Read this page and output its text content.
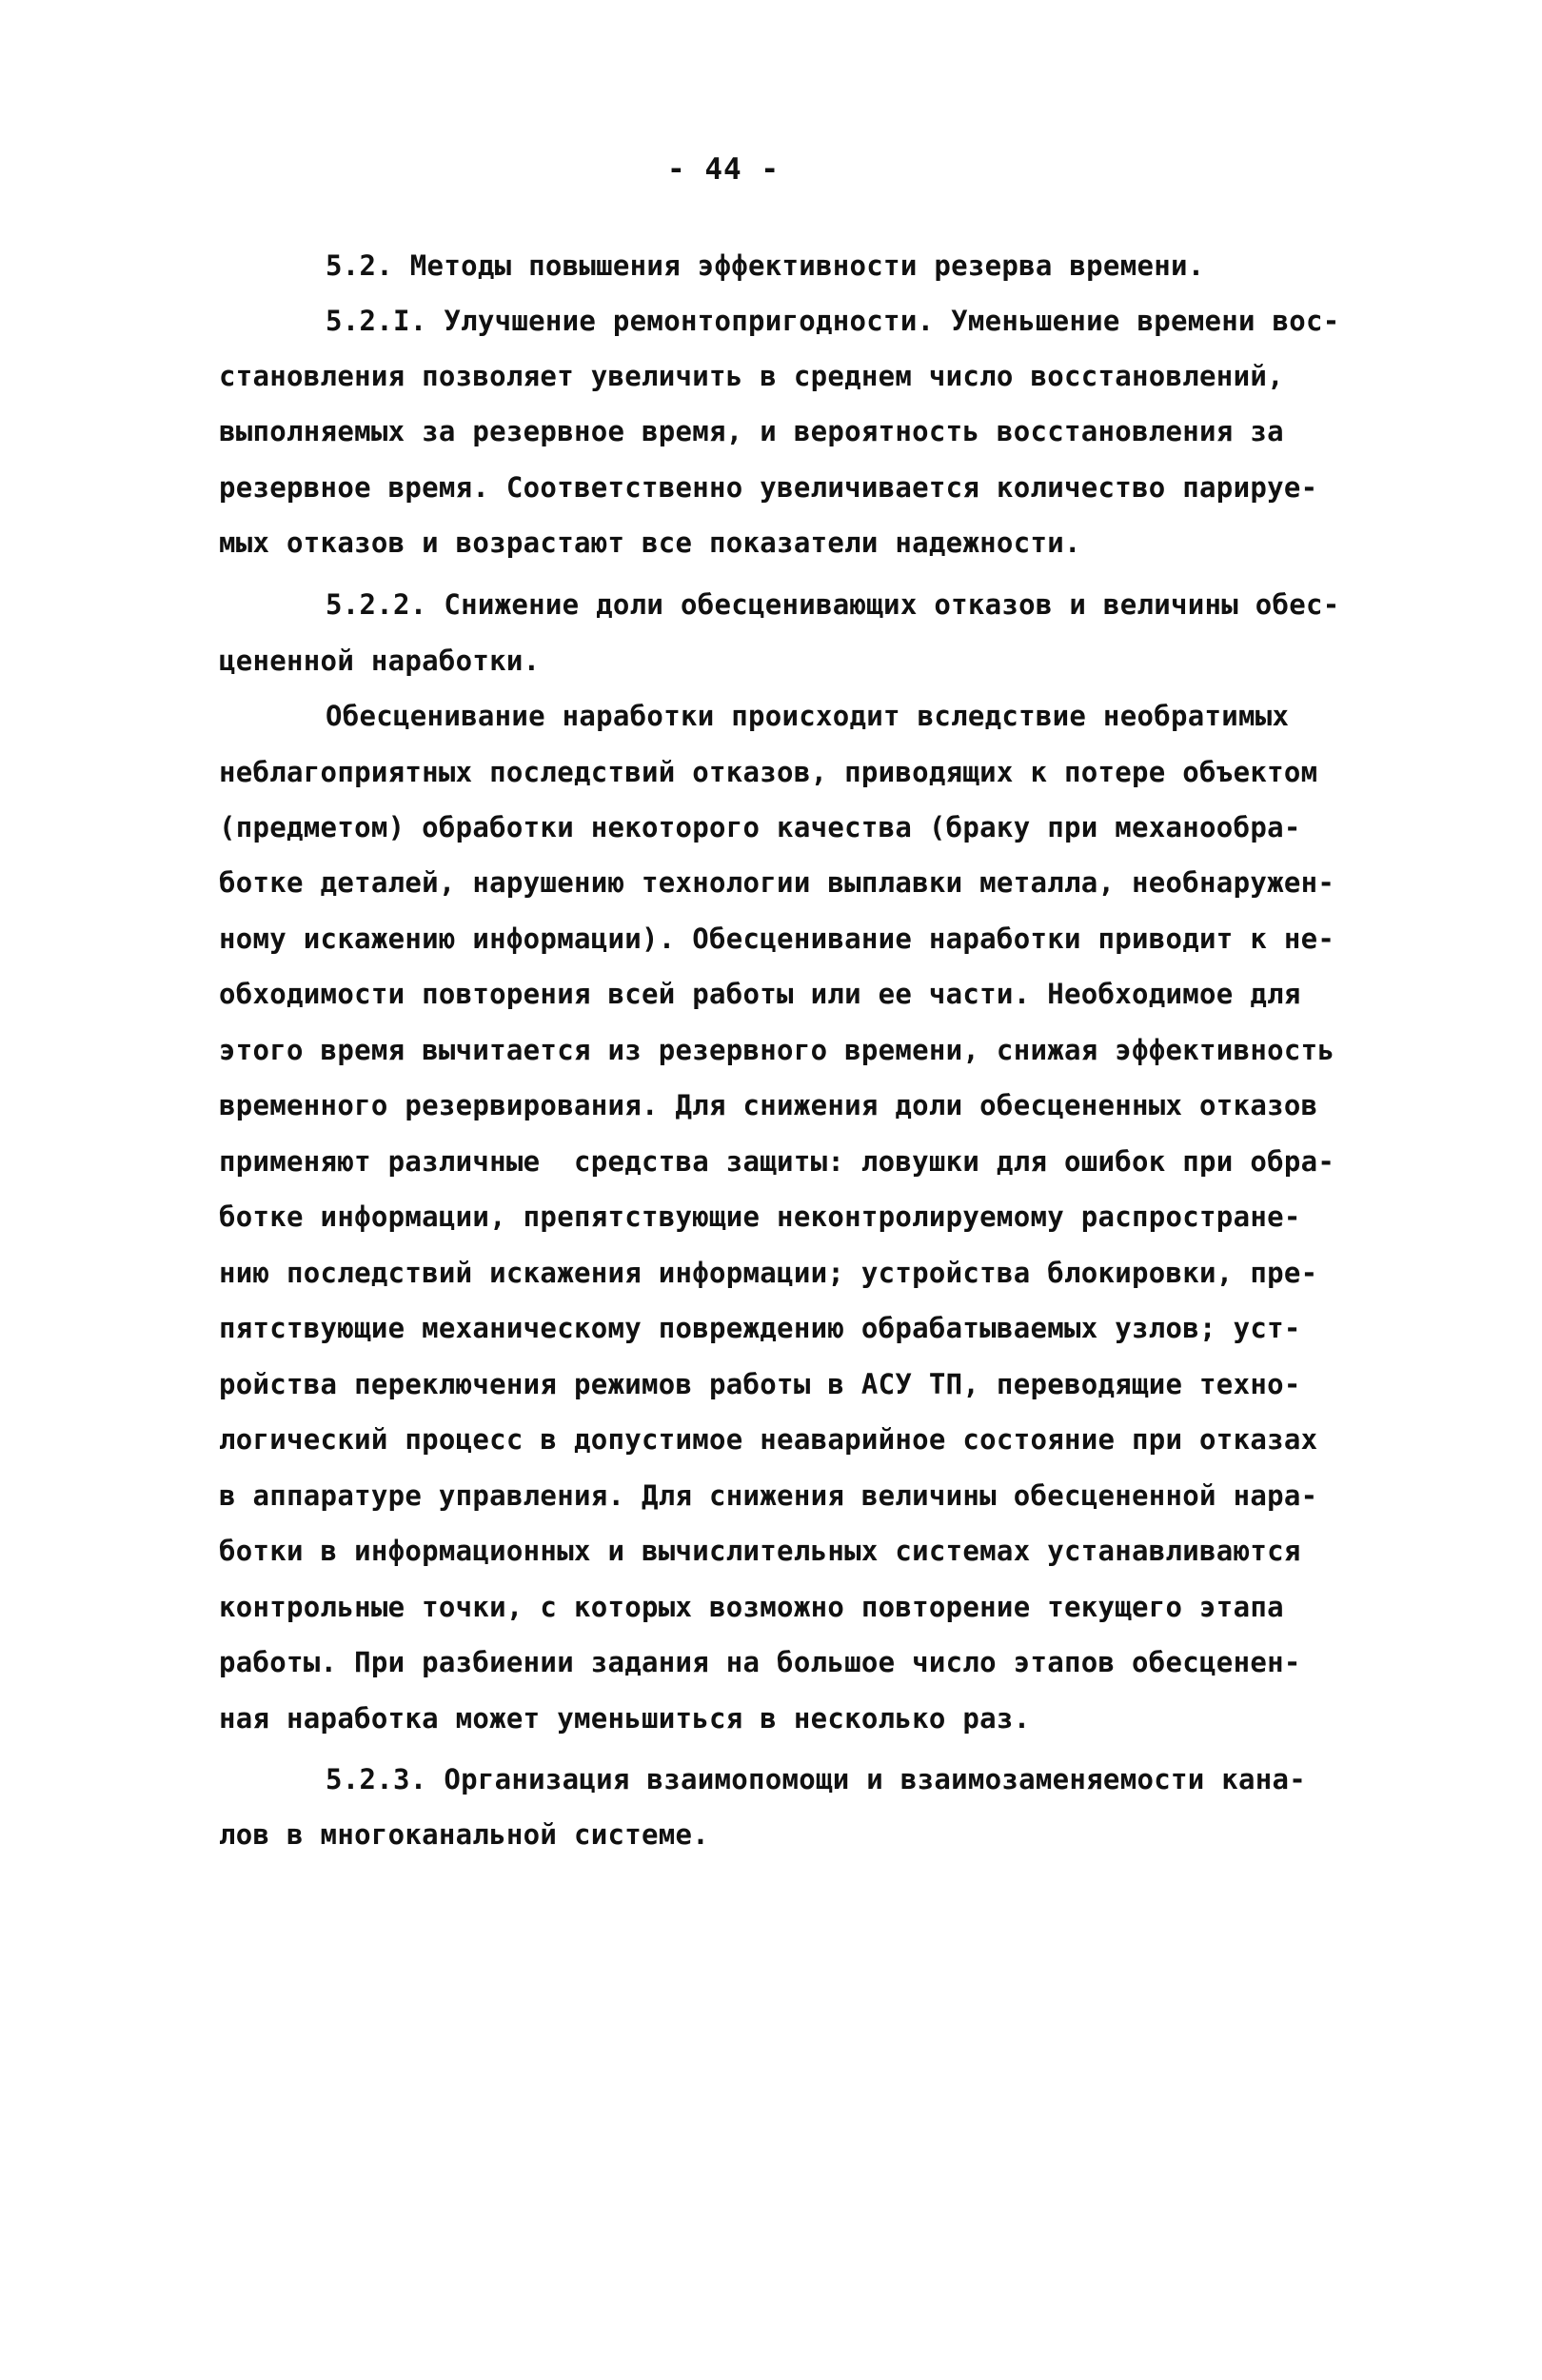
- 44 -
5.2. Методы повышения эффективности резерва времени.
5.2.I. Улучшение ремонтопригодности. Уменьшение времени вос-
становления позволяет увеличить в среднем число восстановлений,
выполняемых за резервное время, и вероятность восстановления за
резервное время. Соответственно увеличивается количество парируе-
мых отказов и возрастают все показатели надежности.
5.2.2. Снижение доли обесценивающих отказов и величины обес-
цененной наработки.
Обесценивание наработки происходит вследствие необратимых
неблагоприятных последствий отказов, приводящих к потере объектом
(предметом) обработки некоторого качества (браку при механообра-
ботке деталей, нарушению технологии выплавки металла, необнаружен-
ному искажению информации). Обесценивание наработки приводит к не-
обходимости повторения всей работы или ее части. Необходимое для
этого время вычитается из резервного времени, снижая эффективность
временного резервирования. Для снижения доли обесцененных отказов
применяют различные  средства защиты: ловушки для ошибок при обра-
ботке информации, препятствующие неконтролируемому распростране-
нию последствий искажения информации; устройства блокировки, пре-
пятствующие механическому повреждению обрабатываемых узлов; уст-
ройства переключения режимов работы в АСУ ТП, переводящие техно-
логический процесс в допустимое неаварийное состояние при отказах
в аппаратуре управления. Для снижения величины обесцененной нара-
ботки в информационных и вычислительных системах устанавливаются
контрольные точки, с которых возможно повторение текущего этапа
работы. При разбиении задания на большое число этапов обесценен-
ная наработка может уменьшиться в несколько раз.
5.2.3. Организация взаимопомощи и взаимозаменяемости кана-
лов в многоканальной системе.
